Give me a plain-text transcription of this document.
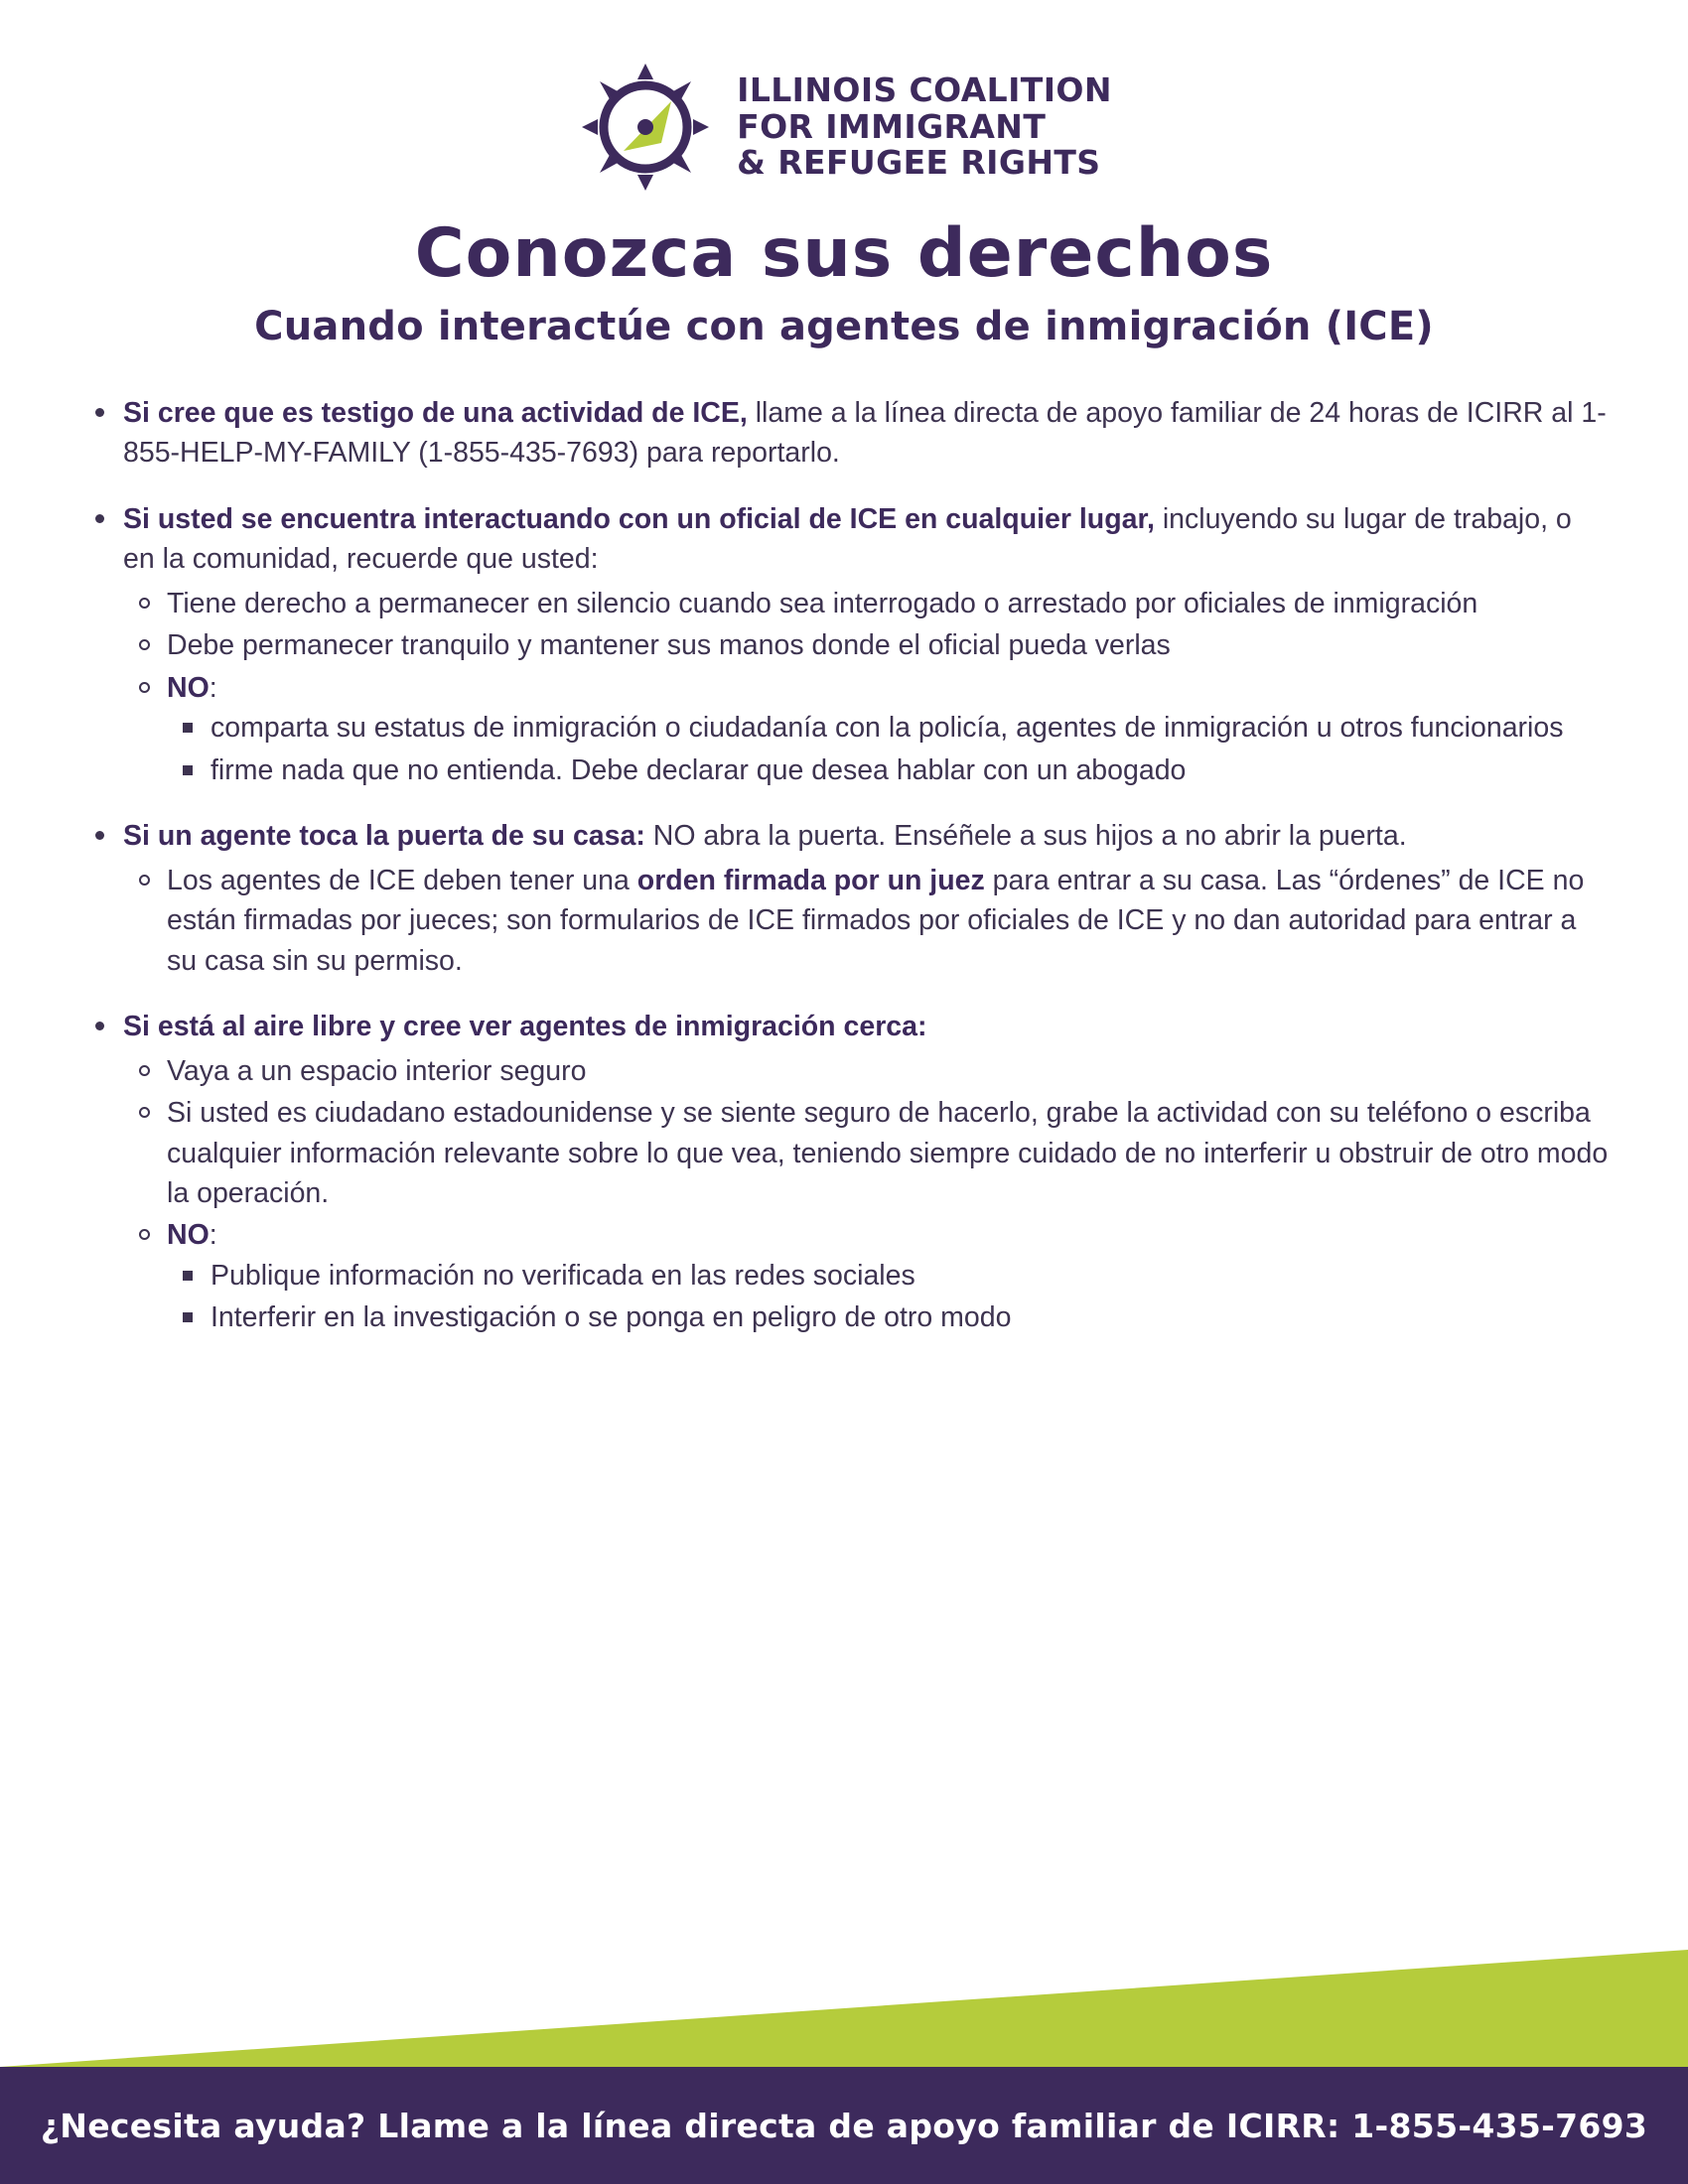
ILLINOIS COALITION
FOR IMMIGRANT
& REFUGEE RIGHTS
Conozca sus derechos
Cuando interactúe con agentes de inmigración (ICE)
Si cree que es testigo de una actividad de ICE, llame a la línea directa de apoyo familiar de 24 horas de ICIRR al 1-855-HELP-MY-FAMILY (1-855-435-7693) para reportarlo.
Si usted se encuentra interactuando con un oficial de ICE en cualquier lugar, incluyendo su lugar de trabajo, o en la comunidad, recuerde que usted:
Tiene derecho a permanecer en silencio cuando sea interrogado o arrestado por oficiales de inmigración
Debe permanecer tranquilo y mantener sus manos donde el oficial pueda verlas
NO:
comparta su estatus de inmigración o ciudadanía con la policía, agentes de inmigración u otros funcionarios
firme nada que no entienda. Debe declarar que desea hablar con un abogado
Si un agente toca la puerta de su casa: NO abra la puerta. Enséñele a sus hijos a no abrir la puerta.
Los agentes de ICE deben tener una orden firmada por un juez para entrar a su casa. Las “órdenes” de ICE no están firmadas por jueces; son formularios de ICE firmados por oficiales de ICE y no dan autoridad para entrar a su casa sin su permiso.
Si está al aire libre y cree ver agentes de inmigración cerca:
Vaya a un espacio interior seguro
Si usted es ciudadano estadounidense y se siente seguro de hacerlo, grabe la actividad con su teléfono o escriba cualquier información relevante sobre lo que vea, teniendo siempre cuidado de no interferir u obstruir de otro modo la operación.
NO:
Publique información no verificada en las redes sociales
Interferir en la investigación o se ponga en peligro de otro modo
¿Necesita ayuda? Llame a la línea directa de apoyo familiar de ICIRR: 1-855-435-7693
